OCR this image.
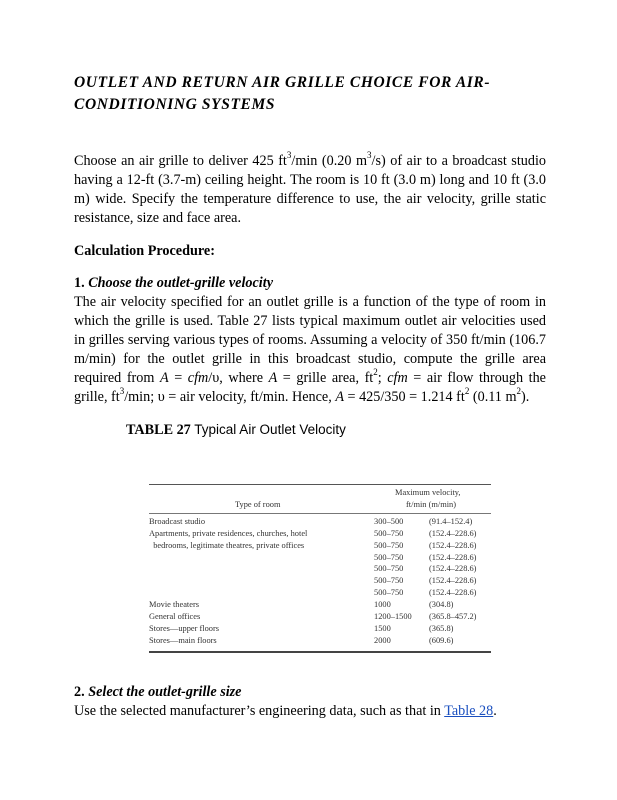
OUTLET AND RETURN AIR GRILLE CHOICE FOR AIR-CONDITIONING SYSTEMS

Choose an air grille to deliver 425 $ft^3/\min$ (0.20 $m^3/s$) of air to a broadcast studio having a 12-ft (3.7-m) ceiling height. The room is 10 ft (3.0 m) long and 10 ft (3.0 m) wide. Specify the temperature difference to use, the air velocity, grille static resistance, size and face area.

Calculation Procedure:
1. Choose the outlet-grille velocity

The air velocity specified for an outlet grille is a function of the type of room in which the grille is used. Table 27 lists typical maximum outlet air velocities used in grilles serving various types of rooms. Assuming a velocity of 350 ft/min (106.7 m/min) for the outlet grille in this broadcast studio, compute the grille area required from A = cfm/υ, where A = grille area, $ft^2$; cfm = air flow through the grille, $ft^3/\min$; υ = air velocity, ft/min. Hence, A = 425/350 = 1.214 $ft^2$ (0.11 $m^2$).

TABLE 27 Typical Air Outlet Velocity
Maximum velocity,
Type of room	ft/min (m/min)
Broadcast studio	300–500	(91.4–152.4)
Apartments, private residences, churches, hotel	500–750	(152.4–228.6)
bedrooms, legitimate theatres, private offices	500–750	(152.4–228.6)
500–750	(152.4–228.6)
500–750	(152.4–228.6)
500–750	(152.4–228.6)
500–750	(152.4–228.6)
Movie theaters	1000	(304.8)
General offices	1200–1500 (365.8–457.2)
Stores—upper floors	1500	(365.8)
Stores—main floors	2000	(609.6)
2. Select the outlet-grille size

Use the selected manufacturer’s engineering data, such as that in Table 28.
